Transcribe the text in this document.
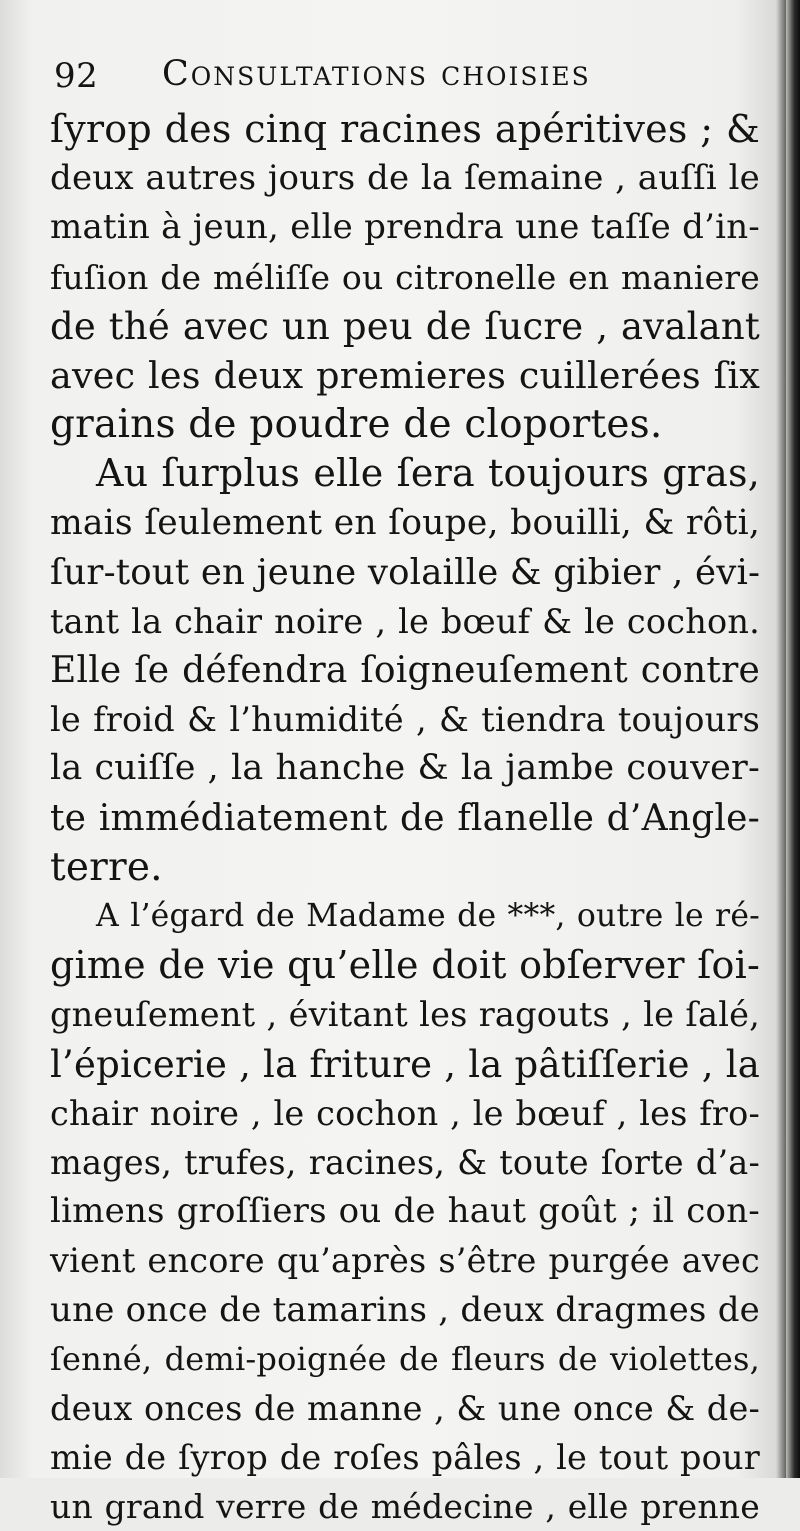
92 Consultations choisies
ſyrop des cinq racines apéritives ; &
deux autres jours de la ſemaine , auſſi le
matin à jeun, elle prendra une taſſe d’in-
fuſion de méliſſe ou citronelle en maniere
de thé avec un peu de ſucre , avalant
avec les deux premieres cuillerées ſix
grains de poudre de cloportes.
Au ſurplus elle ſera toujours gras,
mais ſeulement en ſoupe, bouilli, & rôti,
ſur-tout en jeune volaille & gibier , évi-
tant la chair noire , le bœuf & le cochon.
Elle ſe défendra ſoigneuſement contre
le froid & l’humidité , & tiendra toujours
la cuiſſe , la hanche & la jambe couver-
te immédiatement de flanelle d’Angle-
terre.
A l’égard de Madame de ***, outre le ré-
gime de vie qu’elle doit obſerver ſoi-
gneuſement , évitant les ragouts , le ſalé,
l’épicerie , la friture , la pâtiſſerie , la
chair noire , le cochon , le bœuf , les fro-
mages, trufes, racines, & toute ſorte d’a-
limens groſſiers ou de haut goût ; il con-
vient encore qu’après s’être purgée avec
une once de tamarins , deux dragmes de
ſenné, demi-poignée de fleurs de violettes,
deux onces de manne , & une once & de-
mie de ſyrop de roſes pâles , le tout pour
un grand verre de médecine , elle prenne
